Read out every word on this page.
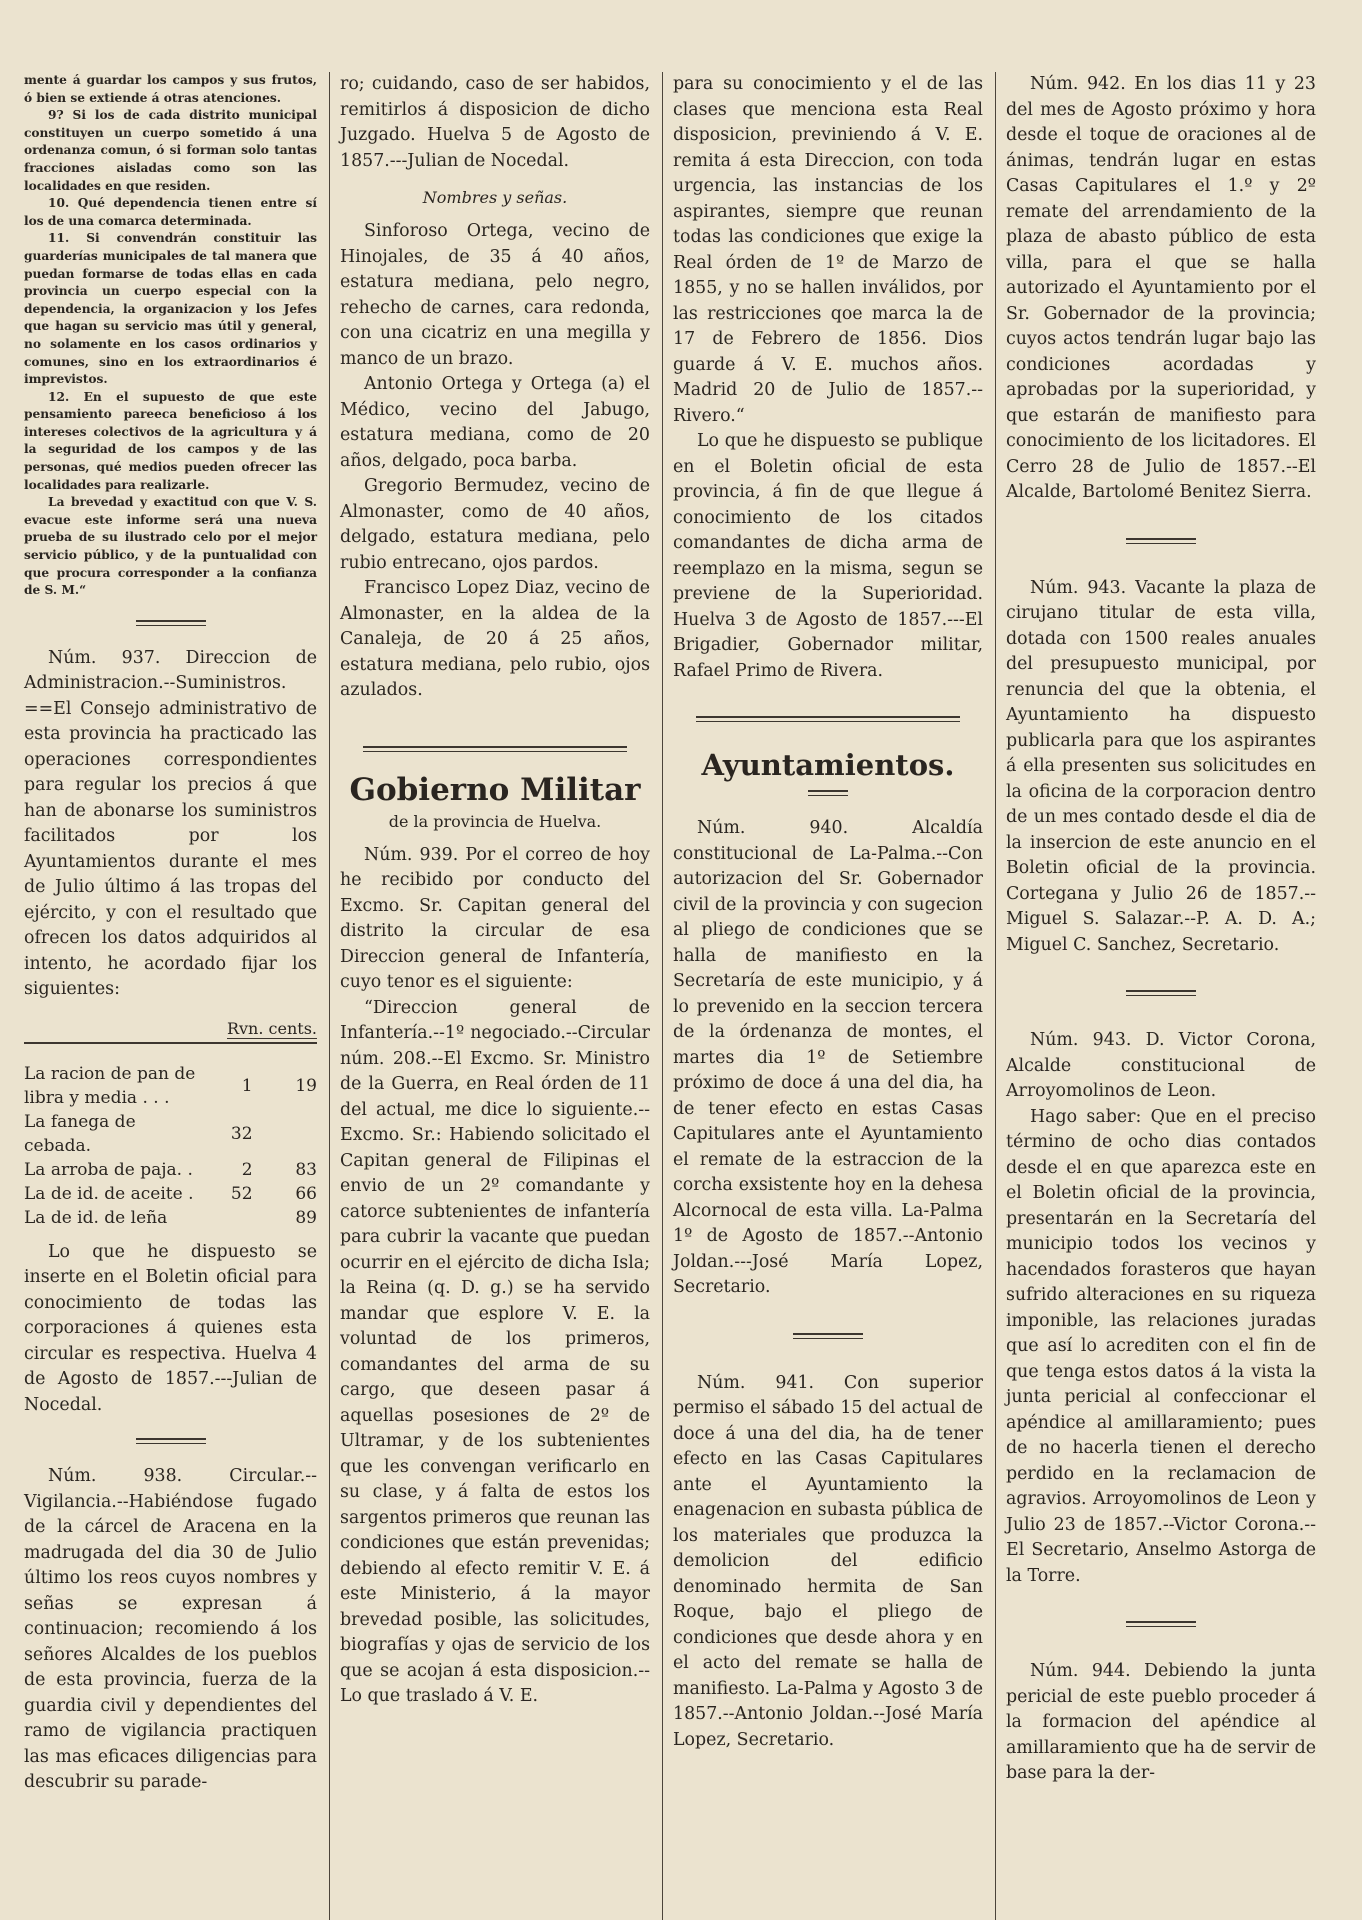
mente á guardar los campos y sus frutos, ó bien se extiende á otras atenciones.

9? Si los de cada distrito municipal constituyen un cuerpo sometido á una ordenanza comun, ó si forman solo tantas fracciones aisladas como son las localidades en que residen.

10. Qué dependencia tienen entre sí los de una comarca determinada.

11. Si convendrán constituir las guarderías municipales de tal manera que puedan formarse de todas ellas en cada provincia un cuerpo especial con la dependencia, la organizacion y los Jefes que hagan su servicio mas útil y general, no solamente en los casos ordinarios y comunes, sino en los extraordinarios é imprevistos.

12. En el supuesto de que este pensamiento pareeca beneficioso á los intereses colectivos de la agricultura y á la seguridad de los campos y de las personas, qué medios pueden ofrecer las localidades para realizarle.

La brevedad y exactitud con que V. S. evacue este informe será una nueva prueba de su ilustrado celo por el mejor servicio público, y de la puntualidad con que procura corresponder a la confianza de S. M.“

Núm. 937. Direccion de Administracion.--Suministros. ==El Consejo administrativo de esta provincia ha practicado las operaciones correspondientes para regular los precios á que han de abonarse los suministros facilitados por los Ayuntamientos durante el mes de Julio último á las tropas del ejército, y con el resultado que ofrecen los datos adquiridos al intento, he acordado fijar los siguientes:

Rvn. cents.
La racion de pan de libra y media . . .	1	19
La fanega de cebada.	32	
La arroba de paja. .	2	83
La de id. de aceite .	52	66
La de id. de leña		89

Lo que he dispuesto se inserte en el Boletin oficial para conocimiento de todas las corporaciones á quienes esta circular es respectiva. Huelva 4 de Agosto de 1857.---Julian de Nocedal.

Núm. 938. Circular.--Vigilancia.--Habiéndose fugado de la cárcel de Aracena en la madrugada del dia 30 de Julio último los reos cuyos nombres y señas se expresan á continuacion; recomiendo á los señores Alcaldes de los pueblos de esta provincia, fuerza de la guardia civil y dependientes del ramo de vigilancia practiquen las mas eficaces diligencias para descubrir su parade-

ro; cuidando, caso de ser habidos, remitirlos á disposicion de dicho Juzgado. Huelva 5 de Agosto de 1857.---Julian de Nocedal.

Nombres y señas.

Sinforoso Ortega, vecino de Hinojales, de 35 á 40 años, estatura mediana, pelo negro, rehecho de carnes, cara redonda, con una cicatriz en una megilla y manco de un brazo.

Antonio Ortega y Ortega (a) el Médico, vecino del Jabugo, estatura mediana, como de 20 años, delgado, poca barba.

Gregorio Bermudez, vecino de Almonaster, como de 40 años, delgado, estatura mediana, pelo rubio entrecano, ojos pardos.

Francisco Lopez Diaz, vecino de Almonaster, en la aldea de la Canaleja, de 20 á 25 años, estatura mediana, pelo rubio, ojos azulados.

Gobierno Militar
de la provincia de Huelva.

Núm. 939. Por el correo de hoy he recibido por conducto del Excmo. Sr. Capitan general del distrito la circular de esa Direccion general de Infantería, cuyo tenor es el siguiente:

“Direccion general de Infantería.--1º negociado.--Circular núm. 208.--El Excmo. Sr. Ministro de la Guerra, en Real órden de 11 del actual, me dice lo siguiente.--Excmo. Sr.: Habiendo solicitado el Capitan general de Filipinas el envio de un 2º comandante y catorce subtenientes de infantería para cubrir la vacante que puedan ocurrir en el ejército de dicha Isla; la Reina (q. D. g.) se ha servido mandar que esplore V. E. la voluntad de los primeros, comandantes del arma de su cargo, que deseen pasar á aquellas posesiones de 2º de Ultramar, y de los subtenientes que les convengan verificarlo en su clase, y á falta de estos los sargentos primeros que reunan las condiciones que están prevenidas; debiendo al efecto remitir V. E. á este Ministerio, á la mayor brevedad posible, las solicitudes, biografías y ojas de servicio de los que se acojan á esta disposicion.--Lo que traslado á V. E.

para su conocimiento y el de las clases que menciona esta Real disposicion, previniendo á V. E. remita á esta Direccion, con toda urgencia, las instancias de los aspirantes, siempre que reunan todas las condiciones que exige la Real órden de 1º de Marzo de 1855, y no se hallen inválidos, por las restricciones qoe marca la de 17 de Febrero de 1856. Dios guarde á V. E. muchos años. Madrid 20 de Julio de 1857.--Rivero.“

Lo que he dispuesto se publique en el Boletin oficial de esta provincia, á fin de que llegue á conocimiento de los citados comandantes de dicha arma de reemplazo en la misma, segun se previene de la Superioridad. Huelva 3 de Agosto de 1857.---El Brigadier, Gobernador militar, Rafael Primo de Rivera.

Ayuntamientos.

Núm. 940. Alcaldía constitucional de La-Palma.--Con autorizacion del Sr. Gobernador civil de la provincia y con sugecion al pliego de condiciones que se halla de manifiesto en la Secretaría de este municipio, y á lo prevenido en la seccion tercera de la órdenanza de montes, el martes dia 1º de Setiembre próximo de doce á una del dia, ha de tener efecto en estas Casas Capitulares ante el Ayuntamiento el remate de la estraccion de la corcha exsistente hoy en la dehesa Alcornocal de esta villa. La-Palma 1º de Agosto de 1857.--Antonio Joldan.---José María Lopez, Secretario.

Núm. 941. Con superior permiso el sábado 15 del actual de doce á una del dia, ha de tener efecto en las Casas Capitulares ante el Ayuntamiento la enagenacion en subasta pública de los materiales que produzca la demolicion del edificio denominado hermita de San Roque, bajo el pliego de condiciones que desde ahora y en el acto del remate se halla de manifiesto. La-Palma y Agosto 3 de 1857.--Antonio Joldan.--José María Lopez, Secretario.

Núm. 942. En los dias 11 y 23 del mes de Agosto próximo y hora desde el toque de oraciones al de ánimas, tendrán lugar en estas Casas Capitulares el 1.º y 2º remate del arrendamiento de la plaza de abasto público de esta villa, para el que se halla autorizado el Ayuntamiento por el Sr. Gobernador de la provincia; cuyos actos tendrán lugar bajo las condiciones acordadas y aprobadas por la superioridad, y que estarán de manifiesto para conocimiento de los licitadores. El Cerro 28 de Julio de 1857.--El Alcalde, Bartolomé Benitez Sierra.

Núm. 943. Vacante la plaza de cirujano titular de esta villa, dotada con 1500 reales anuales del presupuesto municipal, por renuncia del que la obtenia, el Ayuntamiento ha dispuesto publicarla para que los aspirantes á ella presenten sus solicitudes en la oficina de la corporacion dentro de un mes contado desde el dia de la insercion de este anuncio en el Boletin oficial de la provincia. Cortegana y Julio 26 de 1857.--Miguel S. Salazar.--P. A. D. A.; Miguel C. Sanchez, Secretario.

Núm. 943. D. Victor Corona, Alcalde constitucional de Arroyomolinos de Leon.

Hago saber: Que en el preciso término de ocho dias contados desde el en que aparezca este en el Boletin oficial de la provincia, presentarán en la Secretaría del municipio todos los vecinos y hacendados forasteros que hayan sufrido alteraciones en su riqueza imponible, las relaciones juradas que así lo acrediten con el fin de que tenga estos datos á la vista la junta pericial al confeccionar el apéndice al amillaramiento; pues de no hacerla tienen el derecho perdido en la reclamacion de agravios. Arroyomolinos de Leon y Julio 23 de 1857.--Victor Corona.--El Secretario, Anselmo Astorga de la Torre.

Núm. 944. Debiendo la junta pericial de este pueblo proceder á la formacion del apéndice al amillaramiento que ha de servir de base para la der-
